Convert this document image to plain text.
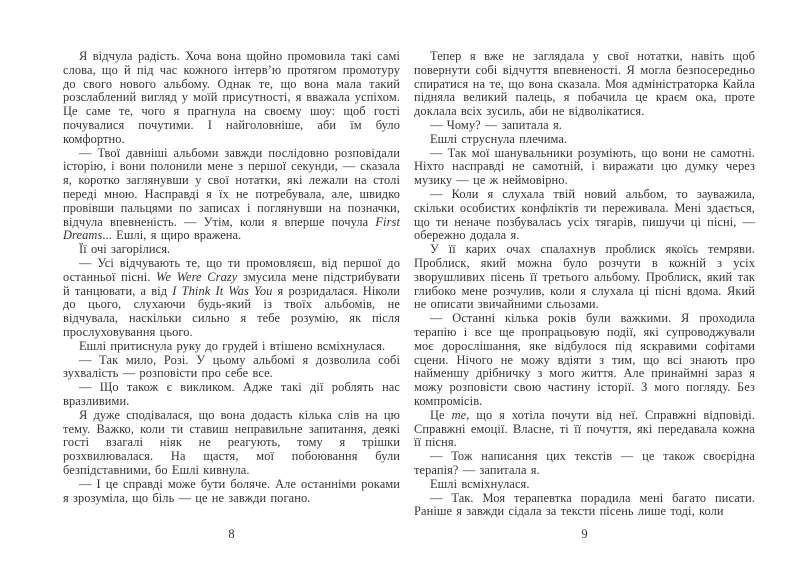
Я відчула радість. Хоча вона щойно промовила такі самі слова, що й під час кожного інтерв’ю протягом промотуру до свого нового альбому. Однак те, що вона мала такий розслаблений вигляд у моїй присутності, я вважала успіхом. Це саме те, чого я прагнула на своєму шоу: щоб гості почувалися почутими. І найголовніше, аби їм було комфортно.

— Твої давніші альбоми завжди послідовно розповідали історію, і вони полонили мене з першої секунди, — сказала я, коротко заглянувши у свої нотатки, які лежали на столі переді мною. Насправді я їх не потребувала, але, швидко провівши пальцями по записах і поглянувши на позначки, відчула впевненість. — Утім, коли я вперше почула First Dreams... Ешлі, я щиро вражена.

Її очі загорілися.

— Усі відчувають те, що ти промовляєш, від першої до останньої пісні. We Were Crazy змусила мене підстрибувати й танцювати, а від I Think It Was You я розридалася. Ніколи до цього, слухаючи будь-який із твоїх альбомів, не відчувала, наскільки сильно я тебе розумію, як після прослуховування цього.

Ешлі притиснула руку до грудей і втішено всміхнулася.

— Так мило, Розі. У цьому альбомі я дозволила собі зухвалість — розповісти про себе все.

— Що також є викликом. Адже такі дії роблять нас вразливими.

Я дуже сподівалася, що вона додасть кілька слів на цю тему. Важко, коли ти ставиш неправильне запитання, деякі гості взагалі ніяк не реагують, тому я трішки розхвилювалася. На щастя, мої побоювання були безпідставними, бо Ешлі кивнула.

— І це справді може бути боляче. Але останніми роками я зрозуміла, що біль — це не завжди погано.

Тепер я вже не заглядала у свої нотатки, навіть щоб повернути собі відчуття впевненості. Я могла безпосередньо спиратися на те, що вона сказала. Моя адміністраторка Кайла підняла великий палець, я побачила це краєм ока, проте доклала всіх зусиль, аби не відволікатися.

— Чому? — запитала я.

Ешлі струснула плечима.

— Так мої шанувальники розуміють, що вони не самотні. Ніхто насправді не самотній, і виражати цю думку через музику — це ж неймовірно.

— Коли я слухала твій новий альбом, то зауважила, скільки особистих конфліктів ти переживала. Мені здається, що ти неначе позбувалась усіх тягарів, пишучи ці пісні, — обережно додала я.

У її карих очах спалахнув проблиск якоїсь темряви. Проблиск, який можна було розчути в кожній з усіх зворушливих пісень її третього альбому. Проблиск, який так глибоко мене розчулив, коли я слухала ці пісні вдома. Який не описати звичайними сльозами.

— Останні кілька років були важкими. Я проходила терапію і все ще пропрацьовую події, які супроводжували моє дорослішання, яке відбулося під яскравими софітами сцени. Нічого не можу вдіяти з тим, що всі знають про найменшу дрібничку з мого життя. Але принаймні зараз я можу розповісти свою частину історії. З мого погляду. Без компромісів.

Це те, що я хотіла почути від неї. Справжні відповіді. Справжні емоції. Власне, ті її почуття, які передавала кожна її пісня.

— Тож написання цих текстів — це також своєрідна терапія? — запитала я.

Ешлі всміхнулася.

— Так. Моя терапевтка порадила мені багато писати. Раніше я завжди сідала за тексти пісень лише тоді, коли

8	9
